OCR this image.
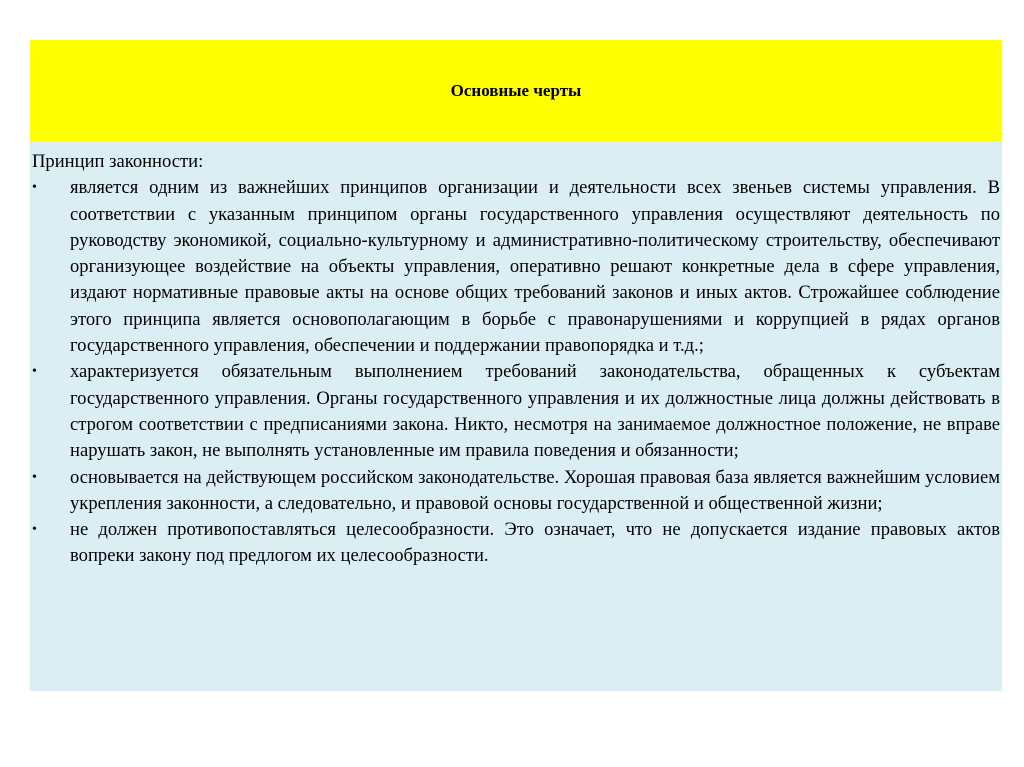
Основные черты

Принцип законности:

• является одним из важнейших принципов организации и деятельности всех звеньев системы управления. В соответствии с указанным принципом органы государственного управления осуществляют деятельность по руководству экономикой, социально-культурному и административно-политическому строительству, обеспечивают организующее воздействие на объекты управления, оперативно решают конкретные дела в сфере управления, издают нормативные правовые акты на основе общих требований законов и иных актов. Строжайшее соблюдение этого принципа является основополагающим в борьбе с правонарушениями и коррупцией в рядах органов государственного управления, обеспечении и поддержании правопорядка и т.д.;
• характеризуется обязательным выполнением требований законодательства, обращенных к субъектам государственного управления. Органы государственного управления и их должностные лица должны действовать в строгом соответствии с предписаниями закона. Никто, несмотря на занимаемое должностное положение, не вправе нарушать закон, не выполнять установленные им правила поведения и обязанности;
• основывается на действующем российском законодательстве. Хорошая правовая база является важнейшим условием укрепления законности, а следовательно, и правовой основы государственной и общественной жизни;
• не должен противопоставляться целесообразности. Это означает, что не допускается издание правовых актов вопреки закону под предлогом их целесообразности.
